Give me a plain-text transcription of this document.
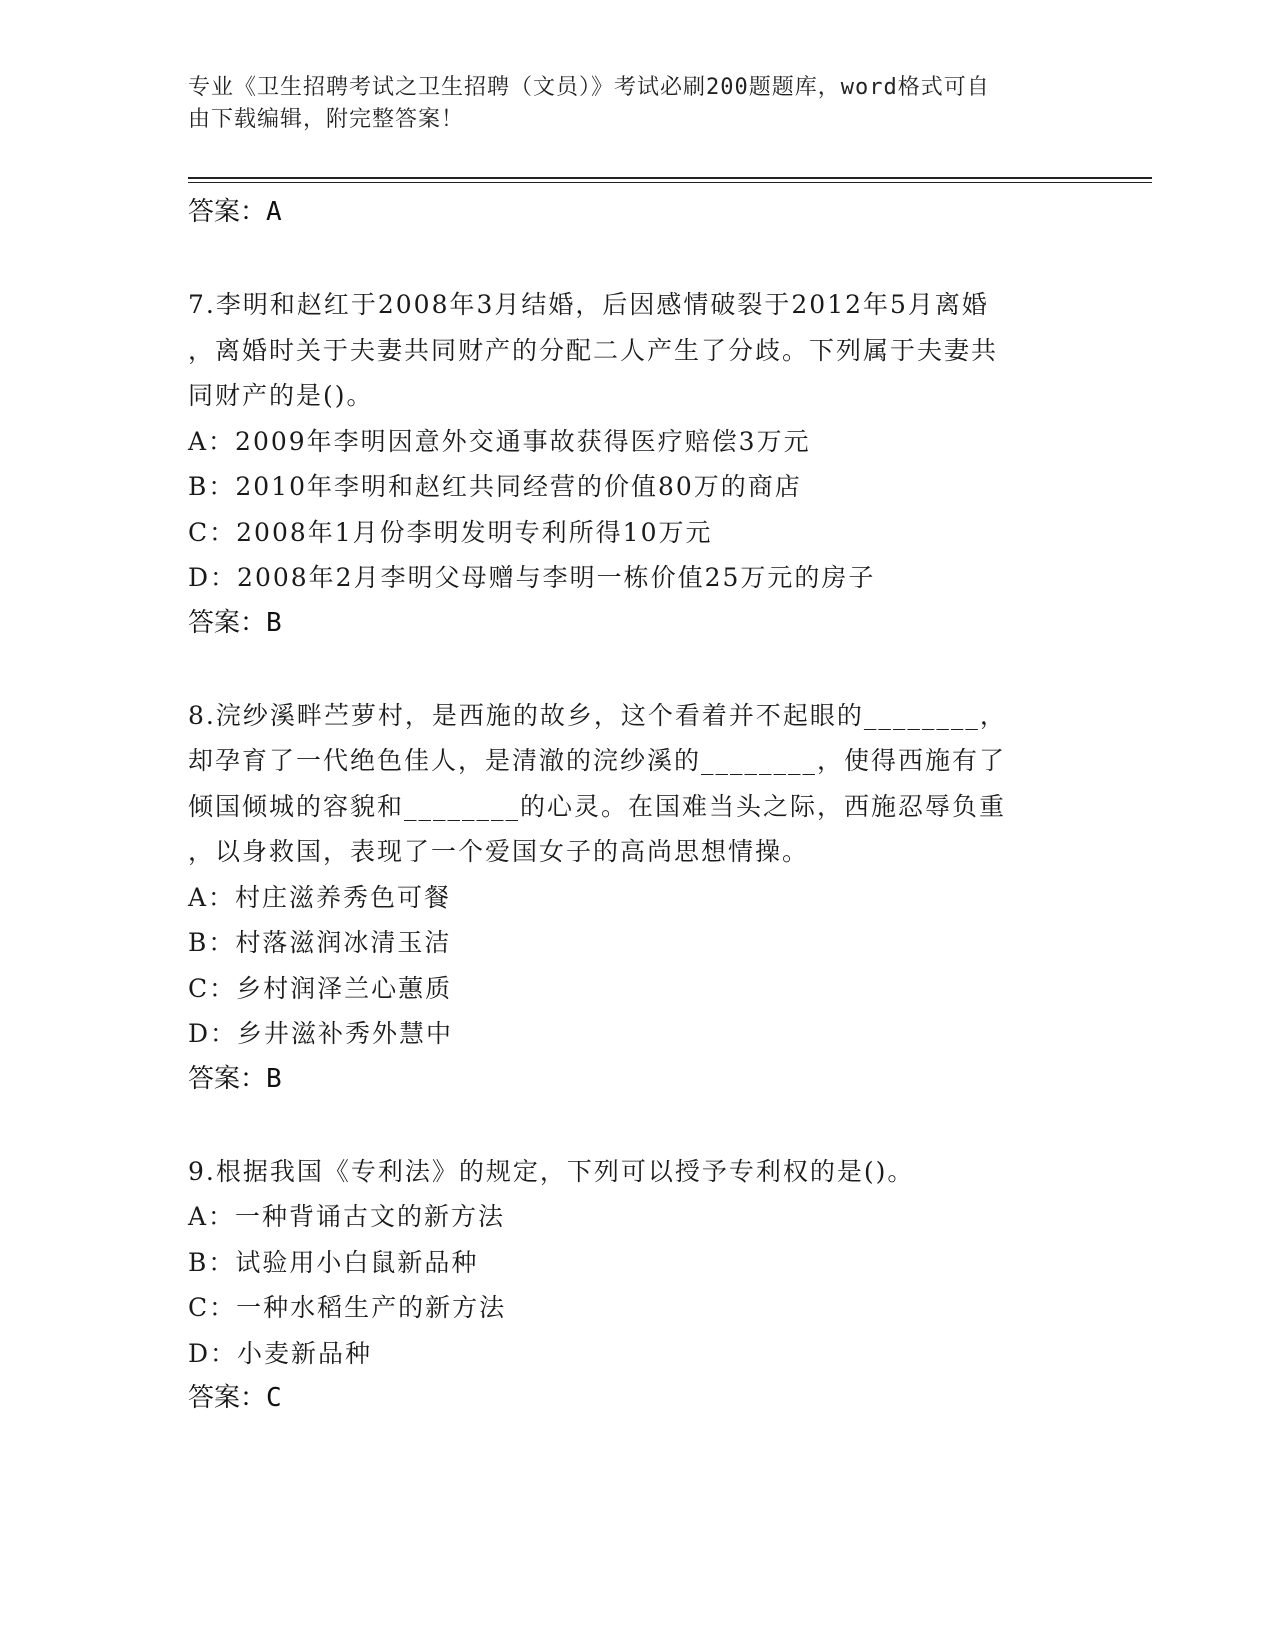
专业《卫生招聘考试之卫生招聘（文员）》考试必刷200题题库，word格式可自
由下载编辑，附完整答案！
答案：A
7.李明和赵红于2008年3月结婚，后因感情破裂于2012年5月离婚
，离婚时关于夫妻共同财产的分配二人产生了分歧。下列属于夫妻共
同财产的是()。
A：2009年李明因意外交通事故获得医疗赔偿3万元
B：2010年李明和赵红共同经营的价值80万的商店
C：2008年1月份李明发明专利所得10万元
D：2008年2月李明父母赠与李明一栋价值25万元的房子
答案：B
8.浣纱溪畔苎萝村，是西施的故乡，这个看着并不起眼的________，
却孕育了一代绝色佳人，是清澈的浣纱溪的________，使得西施有了
倾国倾城的容貌和________的心灵。在国难当头之际，西施忍辱负重
，以身救国，表现了一个爱国女子的高尚思想情操。
A：村庄滋养秀色可餐
B：村落滋润冰清玉洁
C：乡村润泽兰心蕙质
D：乡井滋补秀外慧中
答案：B
9.根据我国《专利法》的规定，下列可以授予专利权的是()。
A：一种背诵古文的新方法
B：试验用小白鼠新品种
C：一种水稻生产的新方法
D：小麦新品种
答案：C
